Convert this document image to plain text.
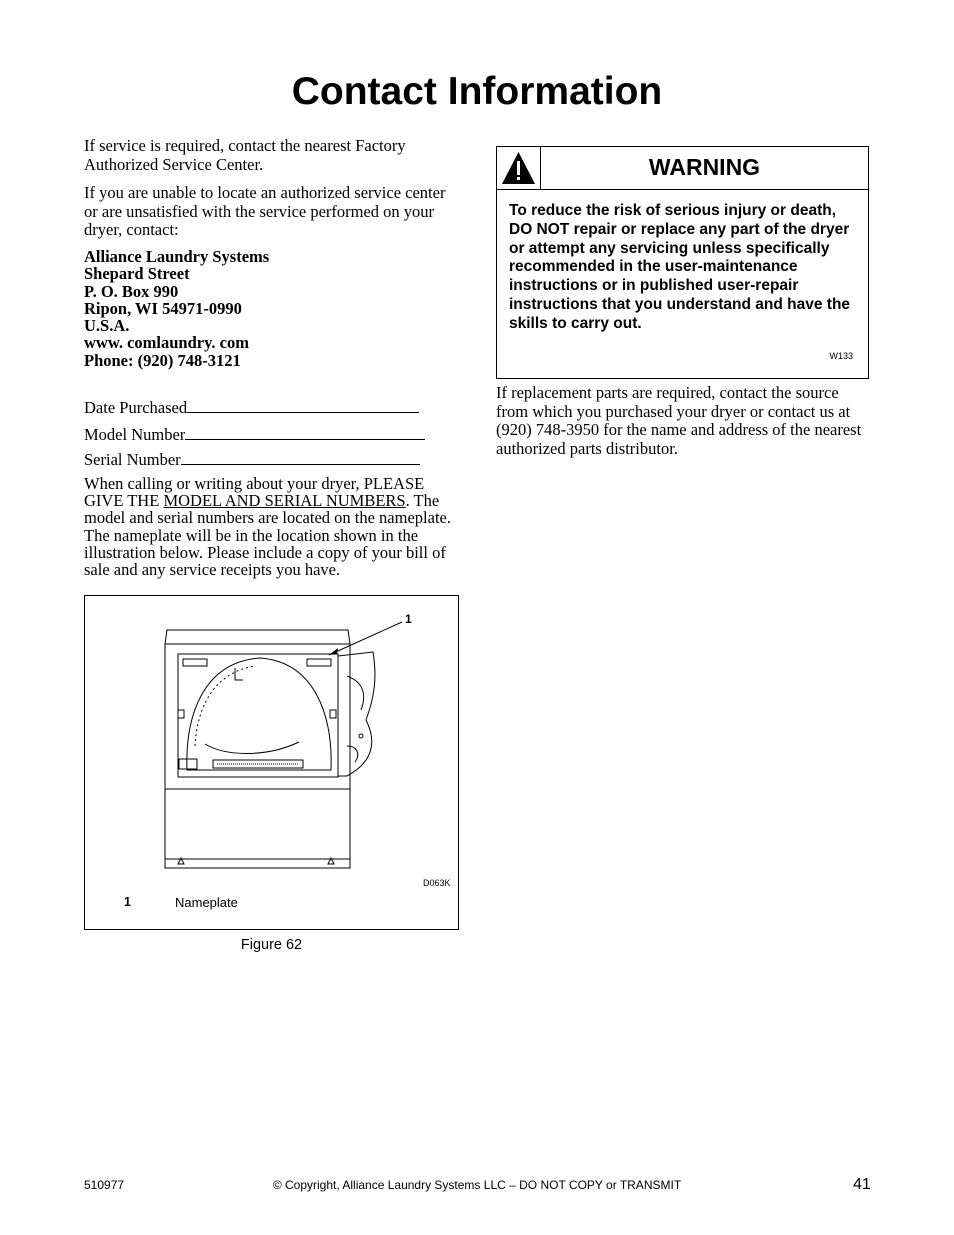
Contact Information

If service is required, contact the nearest Factory Authorized Service Center.

If you are unable to locate an authorized service center or are unsatisfied with the service performed on your dryer, contact:

Alliance Laundry Systems
Shepard Street
P. O. Box 990
Ripon, WI 54971-0990
U.S.A.
www. comlaundry. com
Phone: (920) 748-3121
Date Purchased
Model Number
Serial Number

When calling or writing about your dryer, PLEASE GIVE THE MODEL AND SERIAL NUMBERS. The model and serial numbers are located on the nameplate. The nameplate will be in the location shown in the illustration below. Please include a copy of your bill of sale and any service receipts you have.

1
D063K
1	Nameplate
Figure 62
WARNING
To reduce the risk of serious injury or death, DO NOT repair or replace any part of the dryer or attempt any servicing unless specifically recommended in the user-maintenance instructions or in published user-repair instructions that you understand and have the skills to carry out.
W133

If replacement parts are required, contact the source from which you purchased your dryer or contact us at (920) 748-3950 for the name and address of the nearest authorized parts distributor.

510977	© Copyright, Alliance Laundry Systems LLC – DO NOT COPY or TRANSMIT	41
